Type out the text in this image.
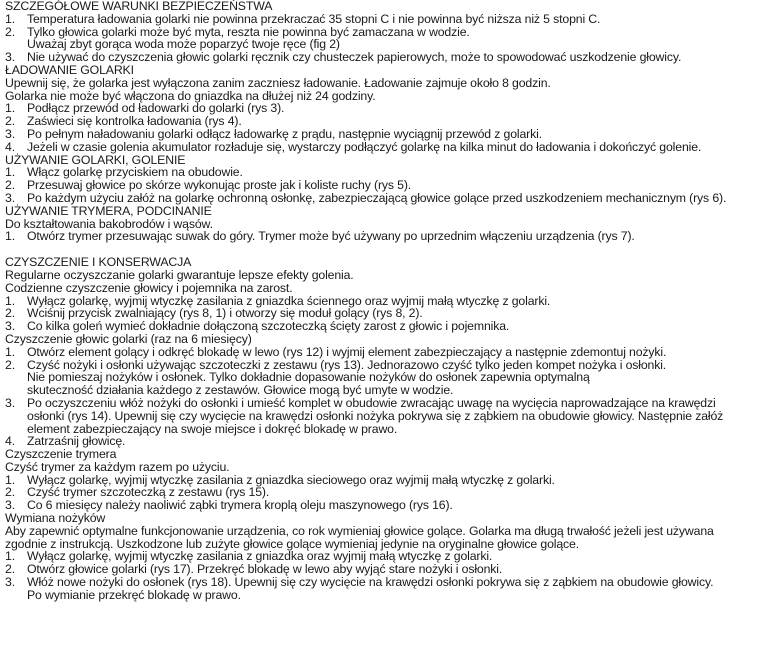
SZCZEGÓŁOWE WARUNKI BEZPIECZEŃSTWA
1. Temperatura ładowania golarki nie powinna przekraczać 35 stopni C i nie powinna być niższa niż 5 stopni C.
2. Tylko głowica golarki może być myta, reszta nie powinna być zamaczana w wodzie.
Uważaj zbyt gorąca woda może poparzyć twoje ręce (fig 2)
3. Nie używać do czyszczenia głowic golarki ręcznik czy chusteczek papierowych, może to spowodować uszkodzenie głowicy.
ŁADOWANIE GOLARKI
Upewnij się, że golarka jest wyłączona zanim zaczniesz ładowanie. Ładowanie zajmuje około 8 godzin.
Golarka nie może być włączona do gniazdka na dłużej niż 24 godziny.
1. Podłącz przewód od ładowarki do golarki (rys 3).
2. Zaświeci się kontrolka ładowania (rys 4).
3. Po pełnym naładowaniu golarki odłącz ładowarkę z prądu, następnie wyciągnij przewód z golarki.
4. Jeżeli w czasie golenia akumulator rozładuje się, wystarczy podłączyć golarkę na kilka minut do ładowania i dokończyć golenie.
UŻYWANIE GOLARKI, GOLENIE
1. Włącz golarkę przyciskiem na obudowie.
2. Przesuwaj głowice po skórze wykonując proste jak i koliste ruchy (rys 5).
3. Po każdym użyciu załóż na golarkę ochronną osłonkę, zabezpieczającą głowice golące przed uszkodzeniem mechanicznym (rys 6).
UŻYWANIE TRYMERA, PODCINANIE
Do kształtowania bakobrodów i wąsów.
1. Otwórz trymer przesuwając suwak do góry. Trymer może być używany po uprzednim włączeniu urządzenia (rys 7).
CZYSZCZENIE I KONSERWACJA
Regularne oczyszczanie golarki gwarantuje lepsze efekty golenia.
Codzienne czyszczenie głowicy i pojemnika na zarost.
1. Wyłącz golarkę, wyjmij wtyczkę zasilania z gniazdka ściennego oraz wyjmij małą wtyczkę z golarki.
2. Wciśnij przycisk zwalniający (rys 8, 1) i otworzy się moduł golący (rys 8, 2).
3. Co kilka goleń wymieć dokładnie dołączoną szczoteczką ścięty zarost z głowic i pojemnika.
Czyszczenie głowic golarki (raz na 6 miesięcy)
1. Otwórz element golący i odkręć blokadę w lewo (rys 12) i wyjmij element zabezpieczający a następnie zdemontuj nożyki.
2. Czyść nożyki i osłonki używając szczoteczki z zestawu (rys 13). Jednorazowo czyść tylko jeden kompet nożyka i osłonki.
Nie pomieszaj nożyków i osłonek. Tylko dokładnie dopasowanie nożyków do osłonek zapewnia optymalną
skuteczność działania każdego z zestawów. Głowice mogą być umyte w wodzie.
3. Po oczyszczeniu włóż nożyki do osłonki i umieść komplet w obudowie zwracając uwagę na wycięcia naprowadzające na krawędzi
osłonki (rys 14). Upewnij się czy wycięcie na krawędzi osłonki nożyka pokrywa się z ząbkiem na obudowie głowicy. Następnie załóż
element zabezpieczający na swoje miejsce i dokręć blokadę w prawo.
4. Zatrzaśnij głowicę.
Czyszczenie trymera
Czyść trymer za każdym razem po użyciu.
1. Wyłącz golarkę, wyjmij wtyczkę zasilania z gniazdka sieciowego oraz wyjmij małą wtyczkę z golarki.
2. Czyść trymer szczoteczką z zestawu (rys 15).
3. Co 6 miesięcy należy naoliwić ząbki trymera kroplą oleju maszynowego (rys 16).
Wymiana nożyków
Aby zapewnić optymalne funkcjonowanie urządzenia, co rok wymieniaj głowice golące. Golarka ma długą trwałość jeżeli jest używana
zgodnie z instrukcją. Uszkodzone lub zużyte głowice golące wymieniaj jedynie na oryginalne głowice golące.
1. Wyłącz golarkę, wyjmij wtyczkę zasilania z gniazdka oraz wyjmij małą wtyczkę z golarki.
2. Otwórz głowice golarki (rys 17). Przekręć blokadę w lewo aby wyjąć stare nożyki i osłonki.
3. Włóż nowe nożyki do osłonek (rys 18). Upewnij się czy wycięcie na krawędzi osłonki pokrywa się z ząbkiem na obudowie głowicy.
Po wymianie przekręć blokadę w prawo.
